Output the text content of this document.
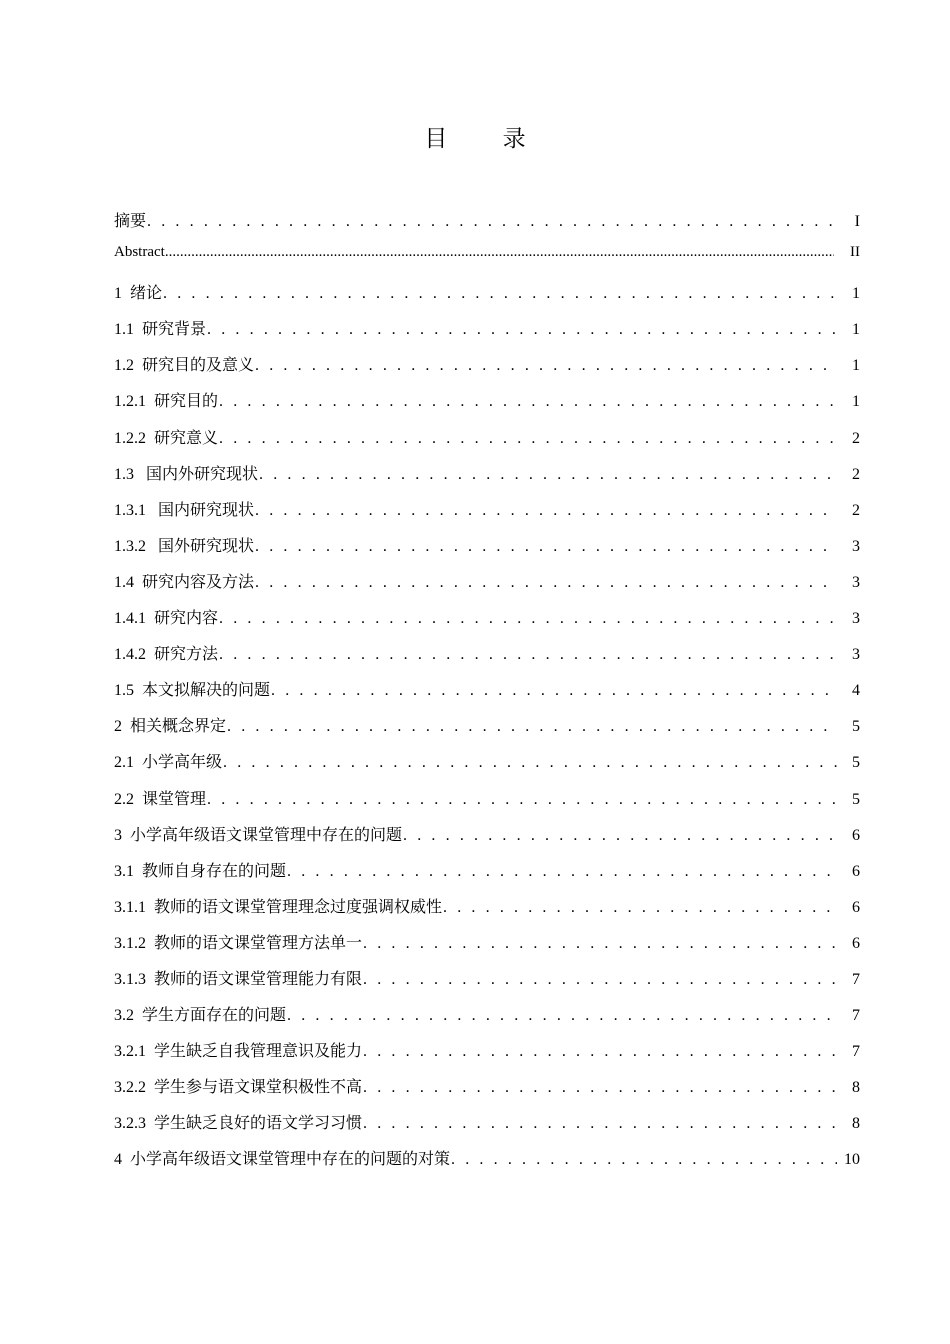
目 录
摘要 . . .	I
Abstract .....	II
1 绪论 . . .	1
1.1 研究背景 . . .	1
1.2 研究目的及意义 . . .	1
1.2.1 研究目的 . . .	1
1.2.2 研究意义 . . .	2
1.3 国内外研究现状 . . .	2
1.3.1 国内研究现状 . . .	2
1.3.2 国外研究现状 . . .	3
1.4 研究内容及方法 . . .	3
1.4.1 研究内容 . . .	3
1.4.2 研究方法 . . .	3
1.5 本文拟解决的问题 . . .	4
2 相关概念界定 . . .	5
2.1 小学高年级 . . .	5
2.2 课堂管理 . . .	5
3 小学高年级语文课堂管理中存在的问题 . . .	6
3.1 教师自身存在的问题 . . .	6
3.1.1 教师的语文课堂管理理念过度强调权威性 . . .	6
3.1.2 教师的语文课堂管理方法单一 . . .	6
3.1.3 教师的语文课堂管理能力有限 . . .	7
3.2 学生方面存在的问题 . . .	7
3.2.1 学生缺乏自我管理意识及能力 . . .	7
3.2.2 学生参与语文课堂积极性不高 . . .	8
3.2.3 学生缺乏良好的语文学习习惯 . . .	8
4 小学高年级语文课堂管理中存在的问题的对策 . . .	10
